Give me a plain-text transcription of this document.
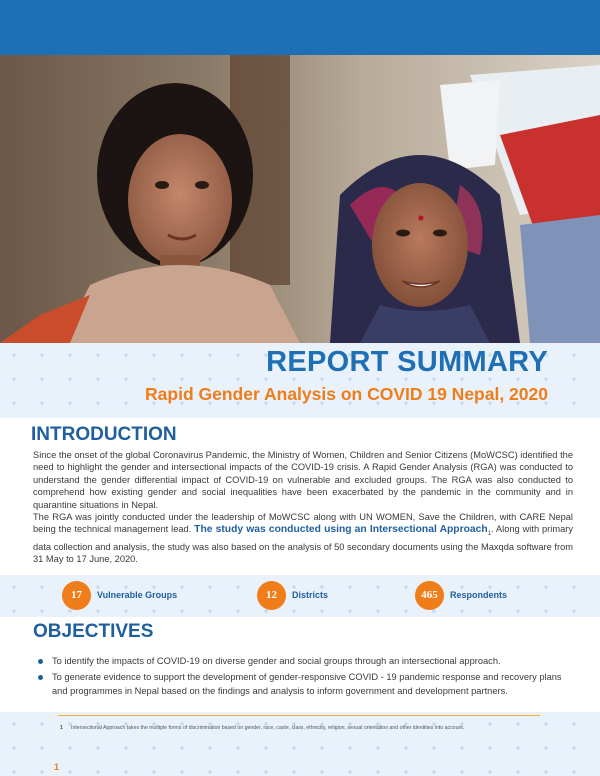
REPORT SUMMARY
Rapid Gender Analysis on COVID 19 Nepal, 2020
INTRODUCTION

Since the onset of the global Coronavirus Pandemic, the Ministry of Women, Children and Senior Citizens (MoWCSC) identified the need to highlight the gender and intersectional impacts of the COVID-19 crisis. A Rapid Gender Analysis (RGA) was conducted to understand the gender differential impact of COVID-19 on vulnerable and excluded groups. The RGA was also conducted to comprehend how existing gender and social inequalities have been exacerbated by the pandemic in the community and in quarantine situations in Nepal.

The RGA was jointly conducted under the leadership of MoWCSC along with UN WOMEN, Save the Children, with CARE Nepal being the technical management lead. The study was conducted using an Intersectional Approach$_1$. Along with primary data collection and analysis, the study was also based on the analysis of 50 secondary documents using the Maxqda software from 31 May to 17 June, 2020.

17	Vulnerable Groups	12	Districts	465	Respondents
OBJECTIVES
To identify the impacts of COVID-19 on diverse gender and social groups through an intersectional approach.
To generate evidence to support the development of gender-responsive COVID - 19 pandemic response and recovery plans and programmes in Nepal based on the findings and analysis to inform government and development partners.
1	Intersectional Approach takes the multiple forms of discrimination based on gender, race, caste, class, ethnicity, religion, sexual orientation and other identities into account.
1
